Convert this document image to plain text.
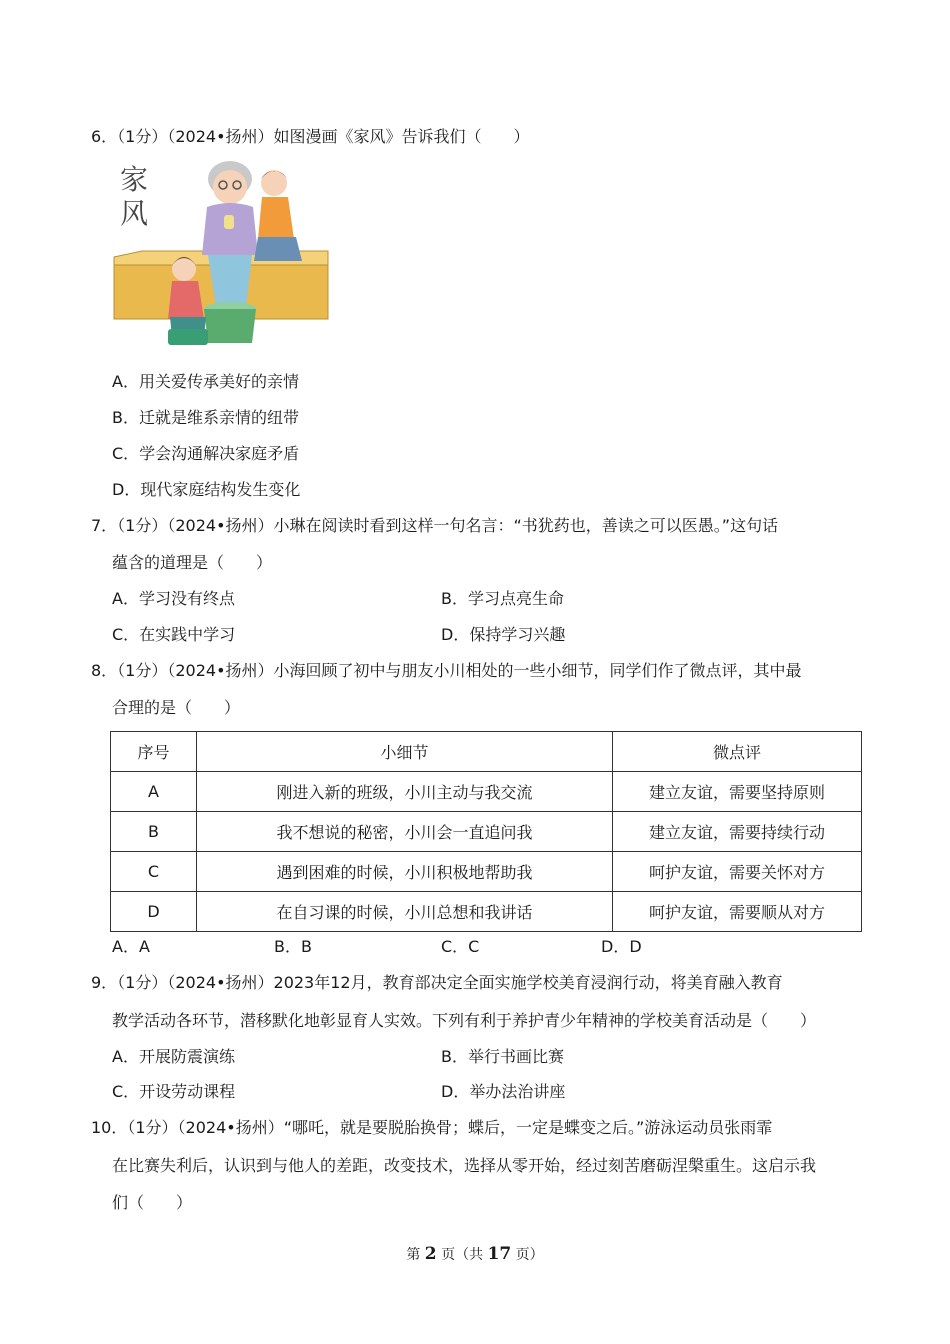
6．（1分）（2024•扬州）如图漫画《家风》告诉我们（　　）
家
风
A．用关爱传承美好的亲情
B．迁就是维系亲情的纽带
C．学会沟通解决家庭矛盾
D．现代家庭结构发生变化
7．（1分）（2024•扬州）小琳在阅读时看到这样一句名言：“书犹药也，善读之可以医愚。”这句话
蕴含的道理是（　　）
A．学习没有终点	B．学习点亮生命
C．在实践中学习	D．保持学习兴趣
8．（1分）（2024•扬州）小海回顾了初中与朋友小川相处的一些小细节，同学们作了微点评，其中最
合理的是（　　）
序号	小细节	微点评
A	刚进入新的班级，小川主动与我交流	建立友谊，需要坚持原则
B	我不想说的秘密，小川会一直追问我	建立友谊，需要持续行动
C	遇到困难的时候，小川积极地帮助我	呵护友谊，需要关怀对方
D	在自习课的时候，小川总想和我讲话	呵护友谊，需要顺从对方
A．A	B．B	C．C	D．D
9．（1分）（2024•扬州）2023年12月，教育部决定全面实施学校美育浸润行动，将美育融入教育
教学活动各环节，潜移默化地彰显育人实效。下列有利于养护青少年精神的学校美育活动是（　　）
A．开展防震演练	B．举行书画比赛
C．开设劳动课程	D．举办法治讲座
10．（1分）（2024•扬州）“哪吒，就是要脱胎换骨；蝶后，一定是蝶变之后。”游泳运动员张雨霏
在比赛失利后，认识到与他人的差距，改变技术，选择从零开始，经过刻苦磨砺涅槃重生。这启示我
们（　　）
第 2 页（共 17 页）
